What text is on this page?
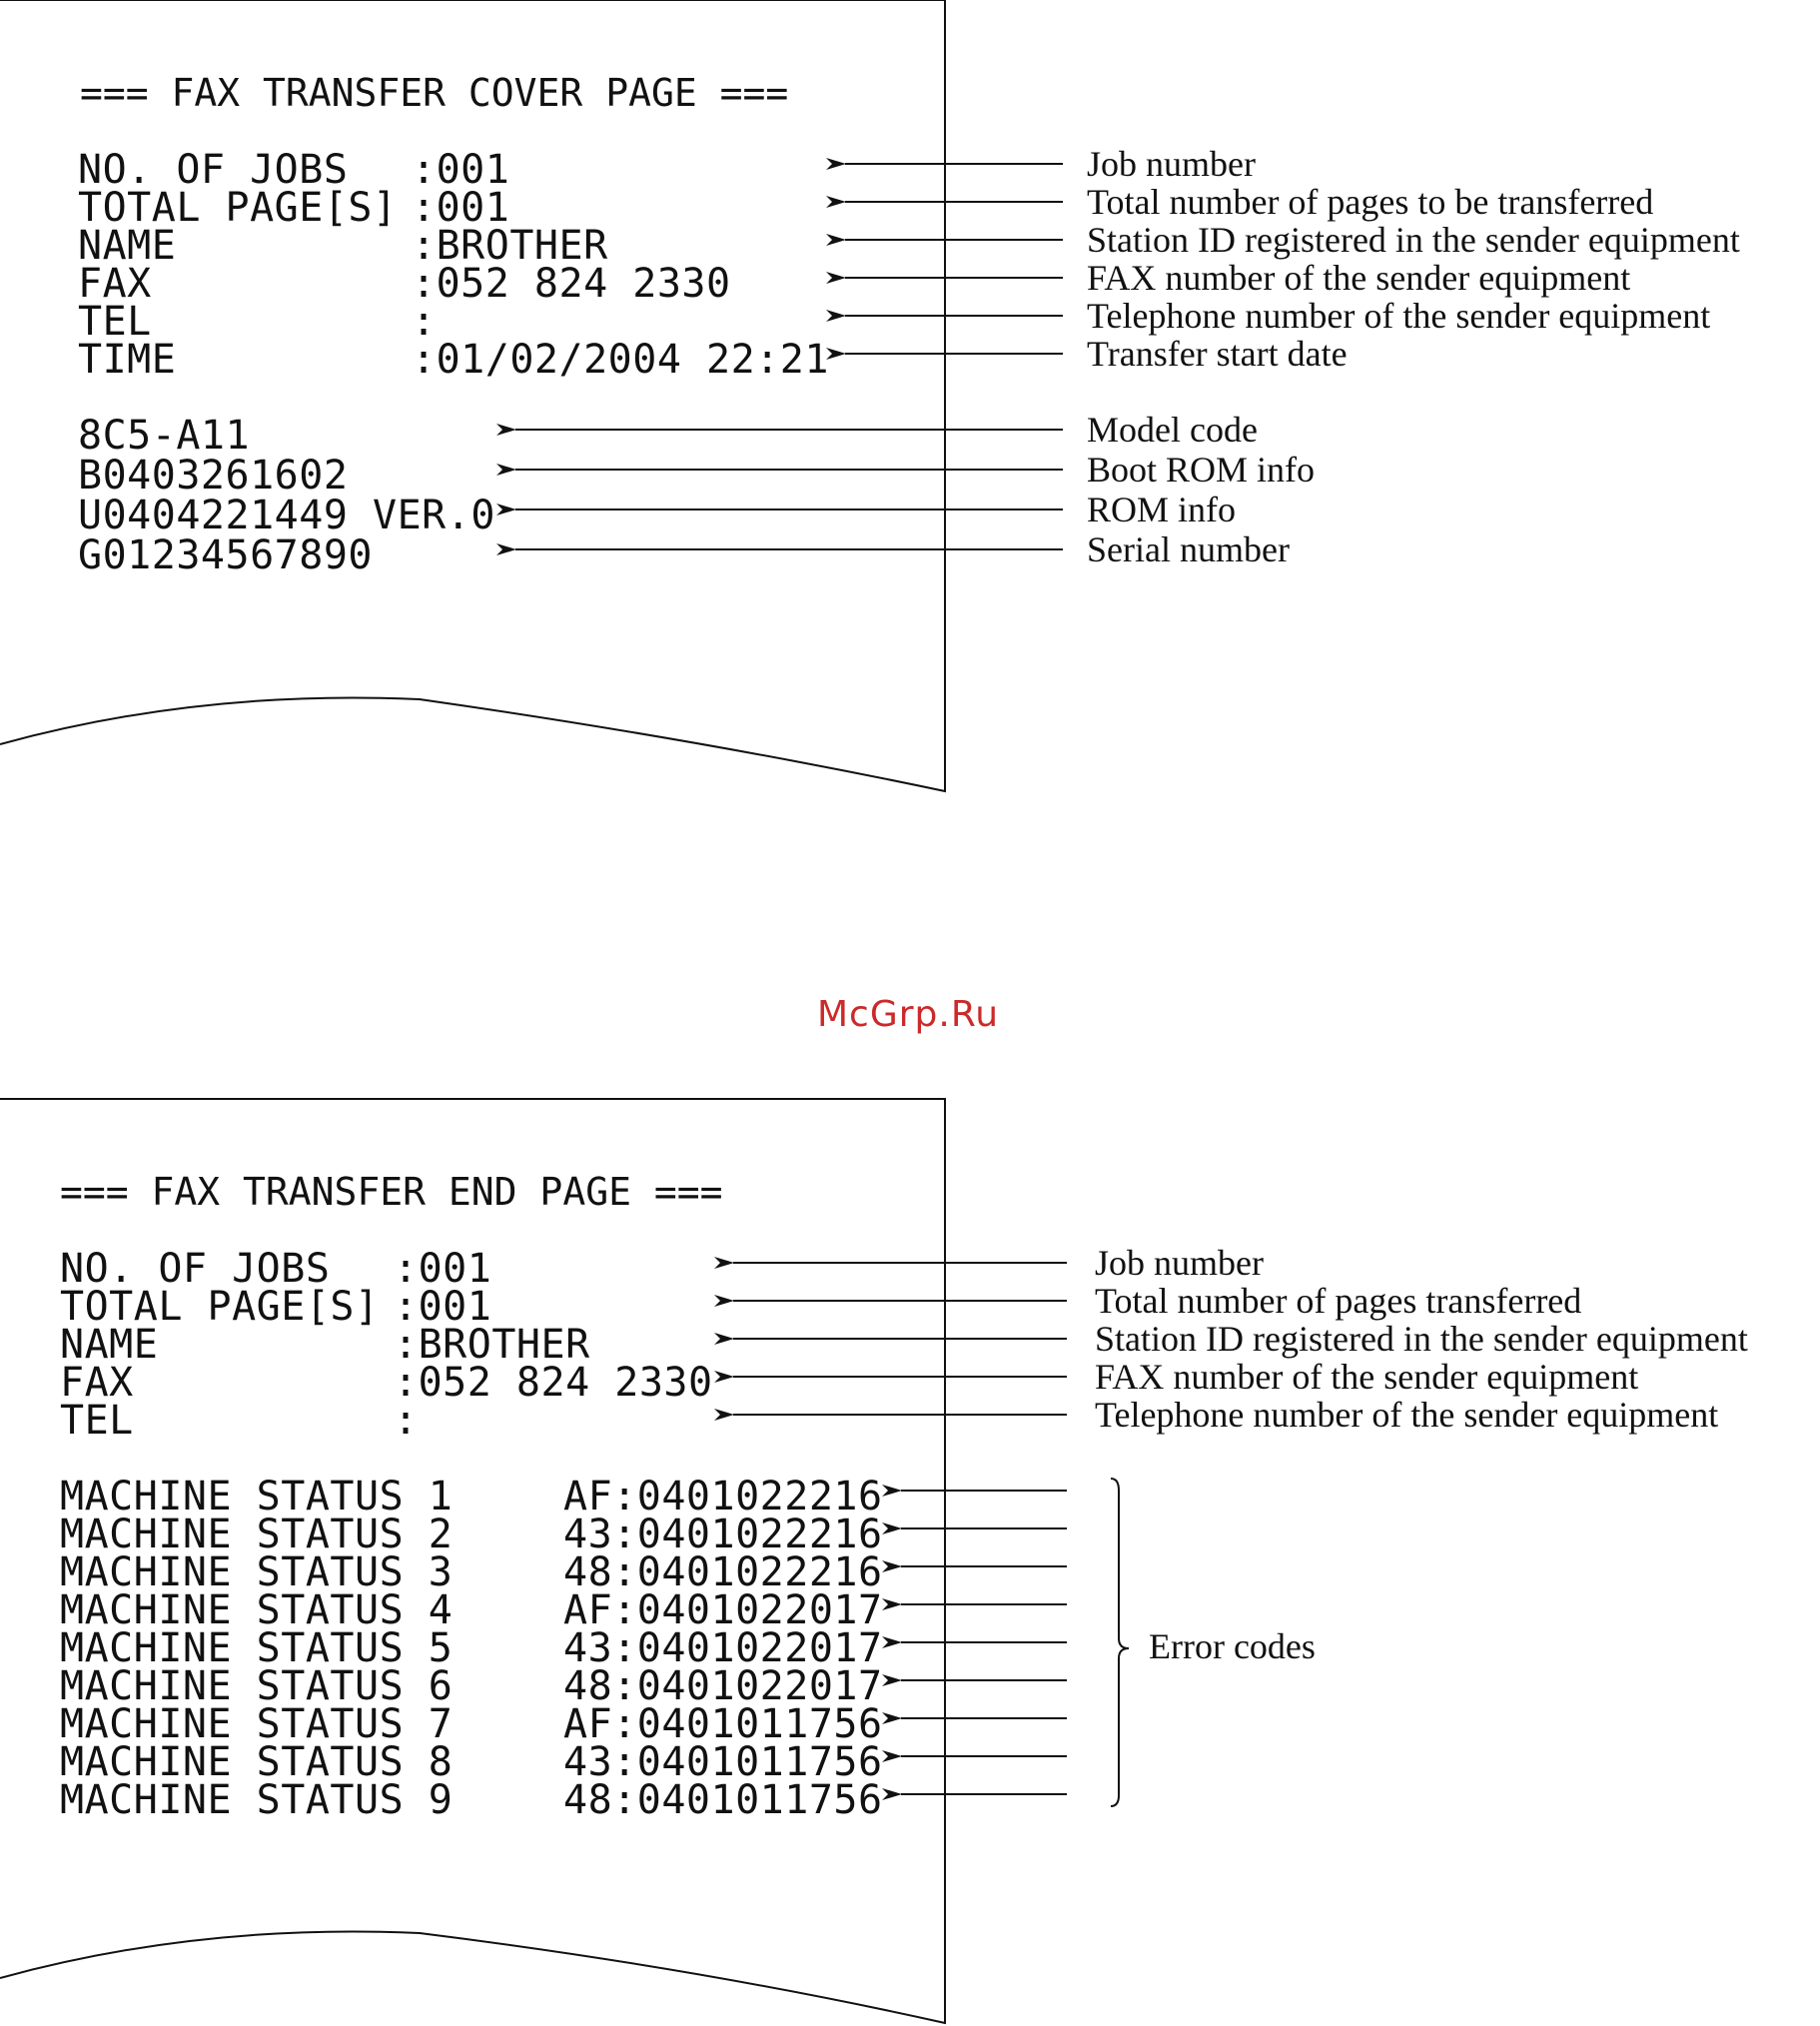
McGrp.Ru
=== FAX TRANSFER COVER PAGE ===
=== FAX TRANSFER END PAGE ===
NO. OF JOBS :001	Job number
TOTAL PAGE[S] :001	Total number of pages to be transferred
NAME	:BROTHER	Station ID registered in the sender equipment
FAX	:052 824 2330	FAX number of the sender equipment
TEL	:	Telephone number of the sender equipment
TIME	:01/02/2004 22:21	Transfer start date
8C5-A11	Model code
B0403261602	Boot ROM info
U0404221449 VER.0	ROM info
G01234567890	Serial number
NO. OF JOBS :001	Job number
TOTAL PAGE[S] :001	Total number of pages transferred
NAME	:BROTHER	Station ID registered in the sender equipment
FAX	:052 824 2330	FAX number of the sender equipment
TEL	:	Telephone number of the sender equipment
MACHINE STATUS 1	AF:0401022216
MACHINE STATUS 2	43:0401022216
MACHINE STATUS 3	48:0401022216
MACHINE STATUS 4	AF:0401022017
MACHINE STATUS 5	43:0401022017
MACHINE STATUS 6	48:0401022017
MACHINE STATUS 7	AF:0401011756
MACHINE STATUS 8	43:0401011756
MACHINE STATUS 9	48:0401011756
Error codes
